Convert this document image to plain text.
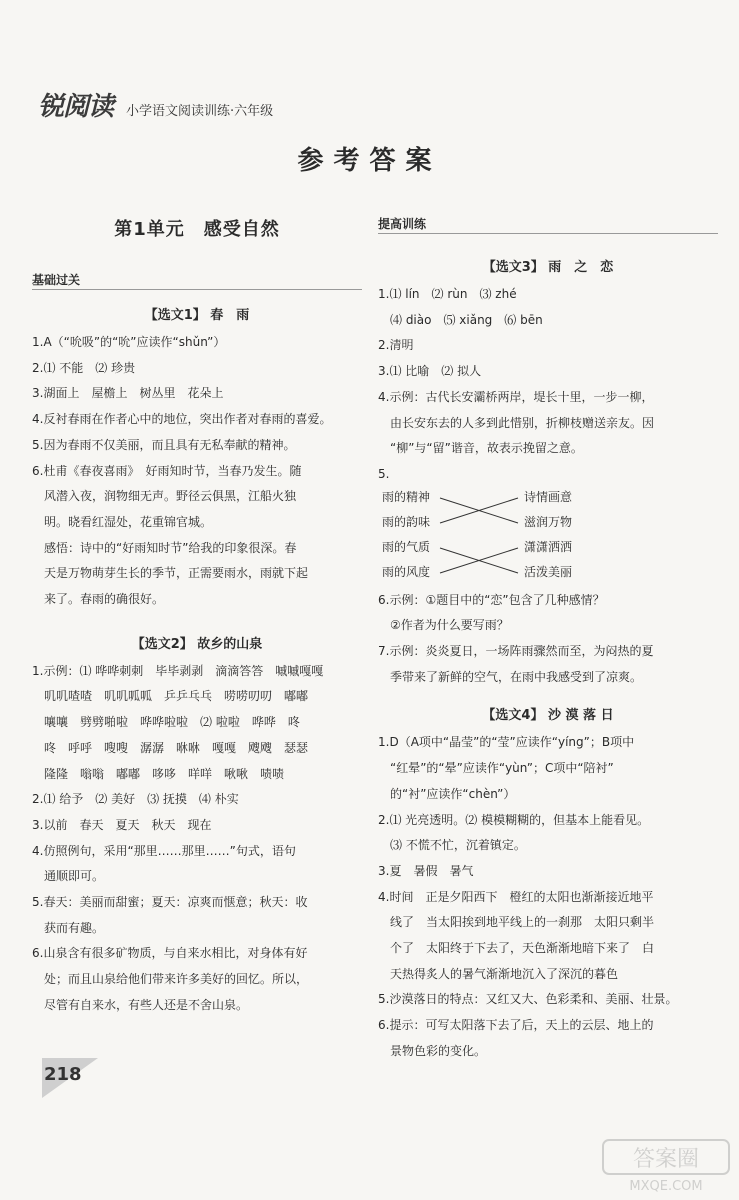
锐阅读 小学语文阅读训练·六年级
参考答案
第1单元　感受自然
基础过关
【选文1】 春　雨
1.A（“吮吸”的“吮”应读作“shǔn”）
2.⑴ 不能　⑵ 珍贵
3.湖面上　屋檐上　树丛里　花朵上
4.反衬春雨在作者心中的地位，突出作者对春雨的喜爱。
5.因为春雨不仅美丽，而且具有无私奉献的精神。
6.杜甫《春夜喜雨》　好雨知时节，当春乃发生。随
风潜入夜，润物细无声。野径云俱黑，江船火独
明。晓看红湿处，花重锦官城。
感悟：诗中的“好雨知时节”给我的印象很深。春
天是万物萌芽生长的季节，正需要雨水，雨就下起
来了。春雨的确很好。
【选文2】 故乡的山泉
1.示例：⑴ 哗哗刺刺　毕毕剥剥　滴滴答答　嘁嘁嘎嘎
叽叽喳喳　叽叽呱呱　乒乒乓乓　唠唠叨叨　嘟嘟
嚷嚷　劈劈啪啦　哗哗啦啦　⑵ 啦啦　哗哗　咚
咚　呼呼　嗖嗖　潺潺　咻咻　嘎嘎　飕飕　瑟瑟
隆隆　嗡嗡　嘟嘟　哆哆　咩咩　啾啾　啧啧
2.⑴ 给予　⑵ 美好　⑶ 抚摸　⑷ 朴实
3.以前　春天　夏天　秋天　现在
4.仿照例句，采用“那里……那里……”句式，语句
通顺即可。
5.春天：美丽而甜蜜；夏天：凉爽而惬意；秋天：收
获而有趣。
6.山泉含有很多矿物质，与自来水相比，对身体有好
处；而且山泉给他们带来许多美好的回忆。所以，
尽管有自来水，有些人还是不舍山泉。
提高训练
【选文3】 雨　之　恋
1.⑴ lín　⑵ rùn　⑶ zhé
⑷ diào　⑸ xiǎng　⑹ bēn
2.清明
3.⑴ 比喻　⑵ 拟人
4.示例：古代长安灞桥两岸，堤长十里，一步一柳，
由长安东去的人多到此惜别，折柳枝赠送亲友。因
“柳”与“留”谐音，故表示挽留之意。
5.
雨的精神
雨的韵味
雨的气质
雨的风度
诗情画意
滋润万物
潇潇洒洒
活泼美丽
6.示例：①题目中的“恋”包含了几种感情？
②作者为什么要写雨？
7.示例：炎炎夏日，一场阵雨骤然而至，为闷热的夏
季带来了新鲜的空气，在雨中我感受到了凉爽。
【选文4】 沙 漠 落 日
1.D（A项中“晶莹”的“莹”应读作“yíng”；B项中
“红晕”的“晕”应读作“yùn”；C项中“陪衬”
的“衬”应读作“chèn”）
2.⑴ 光亮透明。⑵ 模模糊糊的，但基本上能看见。
⑶ 不慌不忙，沉着镇定。
3.夏　暑假　暑气
4.时间　正是夕阳西下　橙红的太阳也渐渐接近地平
线了　当太阳挨到地平线上的一刹那　太阳只剩半
个了　太阳终于下去了，天色渐渐地暗下来了　白
天热得炙人的暑气渐渐地沉入了深沉的暮色
5.沙漠落日的特点：又红又大、色彩柔和、美丽、壮景。
6.提示：可写太阳落下去了后，天上的云层、地上的
景物色彩的变化。
218
答案圈
MXQE.COM
